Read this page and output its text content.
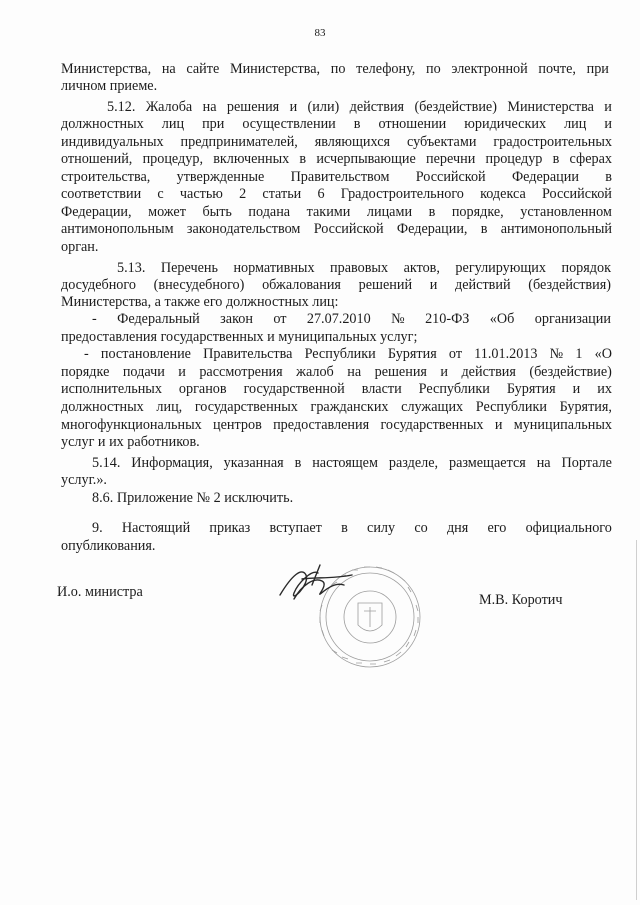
83
Министерства, на сайте Министерства, по телефону, по электронной почте, при
личном приеме.
5.12. Жалоба на решения и (или) действия (бездействие) Министерства и
должностных лиц при осуществлении в отношении юридических лиц и
индивидуальных предпринимателей, являющихся субъектами градостроительных
отношений, процедур, включенных в исчерпывающие перечни процедур в сферах
строительства, утвержденные Правительством Российской Федерации в
соответствии с частью 2 статьи 6 Градостроительного кодекса Российской
Федерации, может быть подана такими лицами в порядке, установленном
антимонопольным законодательством Российской Федерации, в антимонопольный
орган.
5.13. Перечень нормативных правовых актов, регулирующих порядок
досудебного (внесудебного) обжалования решений и действий (бездействия)
Министерства, а также его должностных лиц:
- Федеральный закон от 27.07.2010 № 210-ФЗ «Об организации
предоставления государственных и муниципальных услуг;
- постановление Правительства Республики Бурятия от 11.01.2013 № 1 «О
порядке подачи и рассмотрения жалоб на решения и действия (бездействие)
исполнительных органов государственной власти Республики Бурятия и их
должностных лиц, государственных гражданских служащих Республики Бурятия,
многофункциональных центров предоставления государственных и муниципальных
услуг и их работников.
5.14. Информация, указанная в настоящем разделе, размещается на Портале
услуг.».
8.6. Приложение № 2 исключить.
9. Настоящий приказ вступает в силу со дня его официального
опубликования.
И.о. министра	М.В. Коротич
